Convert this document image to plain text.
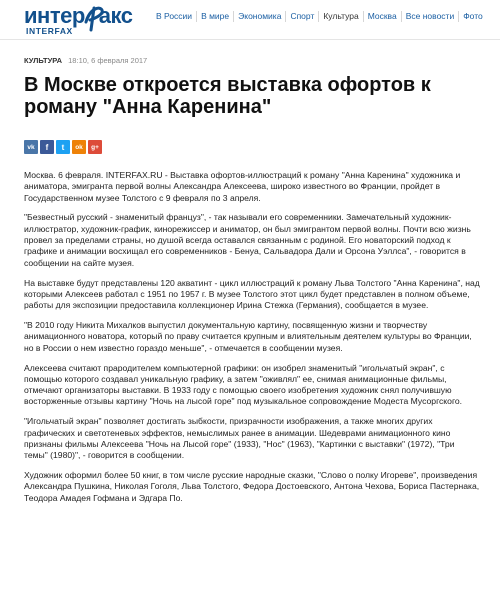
интер акс
INTERFAX
В России	В мире	Экономика	Спорт	Культура	Москва	Все новости	Фото
КУЛЬТУРА 18:10, 6 февраля 2017
В Москве откроется выставка офортов к роману "Анна Каренина"
vk f t ok g+

Москва. 6 февраля. INTERFAX.RU - Выставка офортов-иллюстраций к роману "Анна Каренина" художника и аниматора, эмигранта первой волны Александра Алексеева, широко известного во Франции, пройдет в Государственном музее Толстого с 9 февраля по 3 апреля.

"Безвестный русский - знаменитый француз", - так называли его современники. Замечательный художник-иллюстратор, художник-график, кинорежиссер и аниматор, он был эмигрантом первой волны. Почти всю жизнь провел за пределами страны, но душой всегда оставался связанным с родиной. Его новаторский подход к графике и анимации восхищал его современников - Бенуа, Сальвадора Дали и Орсона Уэллса", - говорится в сообщении на сайте музея.

На выставке будут представлены 120 акватинт - цикл иллюстраций к роману Льва Толстого "Анна Каренина", над которыми Алексеев работал с 1951 по 1957 г. В музее Толстого этот цикл будет представлен в полном объеме, работы для экспозиции предоставила коллекционер Ирина Стежка (Германия), сообщается в музее.

"В 2010 году Никита Михалков выпустил документальную картину, посвященную жизни и творчеству анимационного новатора, который по праву считается крупным и влиятельным деятелем культуры во Франции, но в России о нем известно гораздо меньше", - отмечается в сообщении музея.

Алексеева считают прародителем компьютерной графики: он изобрел знаменитый "игольчатый экран", с помощью которого создавал уникальную графику, а затем "оживлял" ее, снимая анимационные фильмы, отмечают организаторы выставки. В 1933 году с помощью своего изобретения художник снял получившую восторженные отзывы картину "Ночь на лысой горе" под музыкальное сопровождение Модеста Мусоргского.

"Игольчатый экран" позволяет достигать зыбкости, призрачности изображения, а также многих других графических и светотеневых эффектов, немыслимых ранее в анимации. Шедеврами анимационного кино признаны фильмы Алексеева "Ночь на Лысой горе" (1933), "Нос" (1963), "Картинки с выставки" (1972), "Три темы" (1980)", - говорится в сообщении.

Художник оформил более 50 книг, в том числе русские народные сказки, "Слово о полку Игореве", произведения Александра Пушкина, Николая Гоголя, Льва Толстого, Федора Достоевского, Антона Чехова, Бориса Пастернака, Теодора Амадея Гофмана и Эдгара По.
